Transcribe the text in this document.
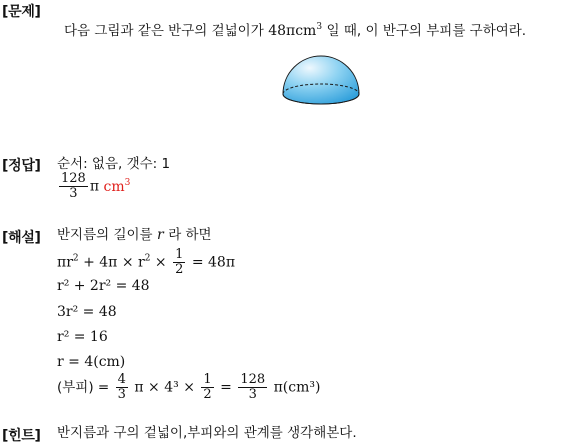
[문제]
다음 그림과 같은 반구의 겉넓이가 48πcm$^3$ 일 때, 이 반구의 부피를 구하여라.
[정답] 순서: 없음, 갯수: 1
$\frac{128}{3}$ π $cm^3$
[해설] 반지름의 길이를 r 라 하면
$\pi r^2 + 4\pi \times r^2 \times \frac{1}{2} = 48\pi$
r² + 2r² = 48
3r² = 48
r² = 16
r = 4(cm)
(부피) = $\frac{4}{3}$ $\pi \times 4^3 \times \frac{1}{2} = \frac{128}{3} \pi(cm^3)$
[힌트] 반지름과 구의 겉넓이,부피와의 관계를 생각해본다.
